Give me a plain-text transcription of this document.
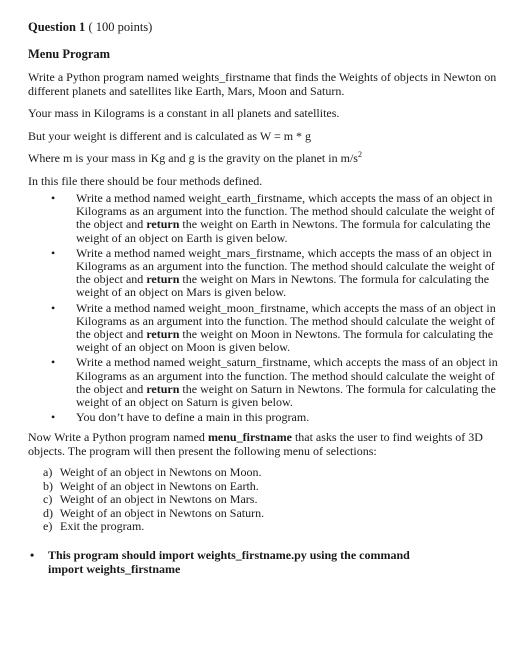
Question 1 ( 100 points)
Menu Program

Write a Python program named weights_firstname that finds the Weights of objects in Newton on different planets and satellites like Earth, Mars, Moon and Saturn.

Your mass in Kilograms is a constant in all planets and satellites.

But your weight is different and is calculated as W = m * g

Where m is your mass in Kg and g is the gravity on the planet in $m/s^2$

In this file there should be four methods defined.

• Write a method named weight_earth_firstname, which accepts the mass of an object in Kilograms as an argument into the function. The method should calculate the weight of the object and return the weight on Earth in Newtons. The formula for calculating the weight of an object on Earth is given below.
• Write a method named weight_mars_firstname, which accepts the mass of an object in Kilograms as an argument into the function. The method should calculate the weight of the object and return the weight on Mars in Newtons. The formula for calculating the weight of an object on Mars is given below.
• Write a method named weight_moon_firstname, which accepts the mass of an object in Kilograms as an argument into the function. The method should calculate the weight of the object and return the weight on Moon in Newtons. The formula for calculating the weight of an object on Moon is given below.
• Write a method named weight_saturn_firstname, which accepts the mass of an object in Kilograms as an argument into the function. The method should calculate the weight of the object and return the weight on Saturn in Newtons. The formula for calculating the weight of an object on Saturn is given below.
• You don’t have to define a main in this program.

Now Write a Python program named menu_firstname that asks the user to find weights of 3D objects. The program will then present the following menu of selections:

a) Weight of an object in Newtons on Moon.
b) Weight of an object in Newtons on Earth.
c) Weight of an object in Newtons on Mars.
d) Weight of an object in Newtons on Saturn.
e) Exit the program.
• This program should import weights_firstname.py using the command
import weights_firstname
